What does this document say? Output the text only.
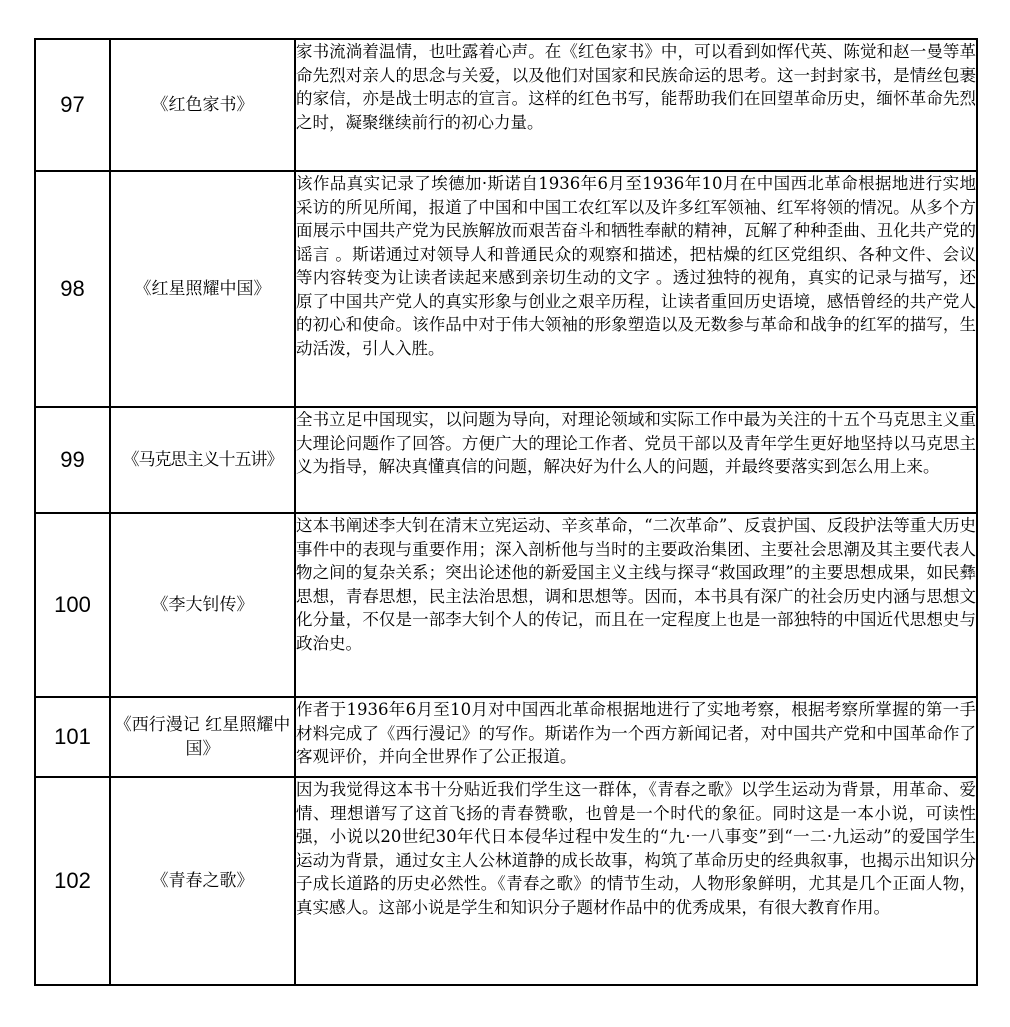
97	《红色家书》	家书流淌着温情，也吐露着心声。在《红色家书》中，可以看到如恽代英、陈觉和赵一曼等革命先烈对亲人的思念与关爱，以及他们对国家和民族命运的思考。这一封封家书，是情丝包裹的家信，亦是战士明志的宣言。这样的红色书写，能帮助我们在回望革命历史，缅怀革命先烈之时，凝聚继续前行的初心力量。
98	《红星照耀中国》	该作品真实记录了埃德加·斯诺自1936年6月至1936年10月在中国西北革命根据地进行实地采访的所见所闻，报道了中国和中国工农红军以及许多红军领袖、红军将领的情况。从多个方面展示中国共产党为民族解放而艰苦奋斗和牺牲奉献的精神，瓦解了种种歪曲、丑化共产党的谣言 。斯诺通过对领导人和普通民众的观察和描述，把枯燥的红区党组织、各种文件、会议等内容转变为让读者读起来感到亲切生动的文字 。透过独特的视角，真实的记录与描写，还原了中国共产党人的真实形象与创业之艰辛历程，让读者重回历史语境，感悟曾经的共产党人的初心和使命。该作品中对于伟大领袖的形象塑造以及无数参与革命和战争的红军的描写，生动活泼，引人入胜。
99	《马克思主义十五讲》	全书立足中国现实，以问题为导向，对理论领域和实际工作中最为关注的十五个马克思主义重大理论问题作了回答。方便广大的理论工作者、党员干部以及青年学生更好地坚持以马克思主义为指导，解决真懂真信的问题，解决好为什么人的问题，并最终要落实到怎么用上来。
100	《李大钊传》	这本书阐述李大钊在清末立宪运动、辛亥革命，“二次革命”、反袁护国、反段护法等重大历史事件中的表现与重要作用；深入剖析他与当时的主要政治集团、主要社会思潮及其主要代表人物之间的复杂关系；突出论述他的新爱国主义主线与探寻“救国政理”的主要思想成果，如民彝思想，青春思想，民主法治思想，调和思想等。因而，本书具有深广的社会历史内涵与思想文化分量，不仅是一部李大钊个人的传记，而且在一定程度上也是一部独特的中国近代思想史与政治史。
101	《西行漫记 红星照耀中国》	作者于1936年6月至10月对中国西北革命根据地进行了实地考察，根据考察所掌握的第一手材料完成了《西行漫记》的写作。斯诺作为一个西方新闻记者，对中国共产党和中国革命作了客观评价，并向全世界作了公正报道。
102	《青春之歌》	因为我觉得这本书十分贴近我们学生这一群体，《青春之歌》以学生运动为背景，用革命、爱情、理想谱写了这首飞扬的青春赞歌，也曾是一个时代的象征。同时这是一本小说，可读性强，小说以20世纪30年代日本侵华过程中发生的“九·一八事变”到“一二·九运动”的爱国学生运动为背景，通过女主人公林道静的成长故事，构筑了革命历史的经典叙事，也揭示出知识分子成长道路的历史必然性。《青春之歌》的情节生动，人物形象鲜明，尤其是几个正面人物，真实感人。这部小说是学生和知识分子题材作品中的优秀成果，有很大教育作用。
